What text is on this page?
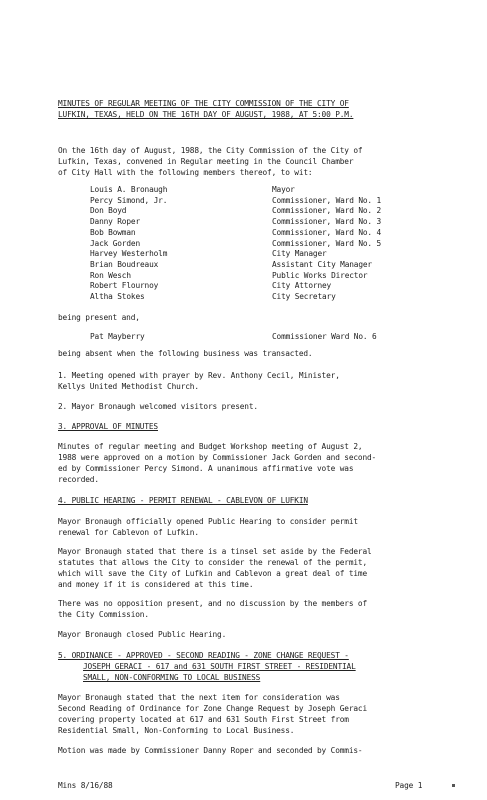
MINUTES OF REGULAR MEETING OF THE CITY COMMISSION OF THE CITY OF
LUFKIN, TEXAS, HELD ON THE 16TH DAY OF AUGUST, 1988, AT 5:00 P.M.
On the 16th day of August, 1988, the City Commission of the City of
Lufkin, Texas, convened in Regular meeting in the Council Chamber
of City Hall with the following members thereof, to wit:
Louis A. Bronaugh	Mayor
Percy Simond, Jr.	Commissioner, Ward No. 1
Don Boyd	Commissioner, Ward No. 2
Danny Roper	Commissioner, Ward No. 3
Bob Bowman	Commissioner, Ward No. 4
Jack Gorden	Commissioner, Ward No. 5
Harvey Westerholm	City Manager
Brian Boudreaux	Assistant City Manager
Ron Wesch	Public Works Director
Robert Flournoy	City Attorney
Altha Stokes	City Secretary
being present and,
Pat Mayberry	Commissioner Ward No. 6
being absent when the following business was transacted.
1. Meeting opened with prayer by Rev. Anthony Cecil, Minister,
Kellys United Methodist Church.
2. Mayor Bronaugh welcomed visitors present.
3. APPROVAL OF MINUTES
Minutes of regular meeting and Budget Workshop meeting of August 2,
1988 were approved on a motion by Commissioner Jack Gorden and second-
ed by Commissioner Percy Simond. A unanimous affirmative vote was
recorded.
4. PUBLIC HEARING - PERMIT RENEWAL - CABLEVON OF LUFKIN
Mayor Bronaugh officially opened Public Hearing to consider permit
renewal for Cablevon of Lufkin.
Mayor Bronaugh stated that there is a tinsel set aside by the Federal
statutes that allows the City to consider the renewal of the permit,
which will save the City of Lufkin and Cablevon a great deal of time
and money if it is considered at this time.
There was no opposition present, and no discussion by the members of
the City Commission.
Mayor Bronaugh closed Public Hearing.
5. ORDINANCE - APPROVED - SECOND READING - ZONE CHANGE REQUEST -
JOSEPH GERACI - 617 and 631 SOUTH FIRST STREET - RESIDENTIAL
SMALL, NON-CONFORMING TO LOCAL BUSINESS
Mayor Bronaugh stated that the next item for consideration was
Second Reading of Ordinance for Zone Change Request by Joseph Geraci
covering property located at 617 and 631 South First Street from
Residential Small, Non-Conforming to Local Business.
Motion was made by Commissioner Danny Roper and seconded by Commis-
Mins 8/16/88	Page 1
